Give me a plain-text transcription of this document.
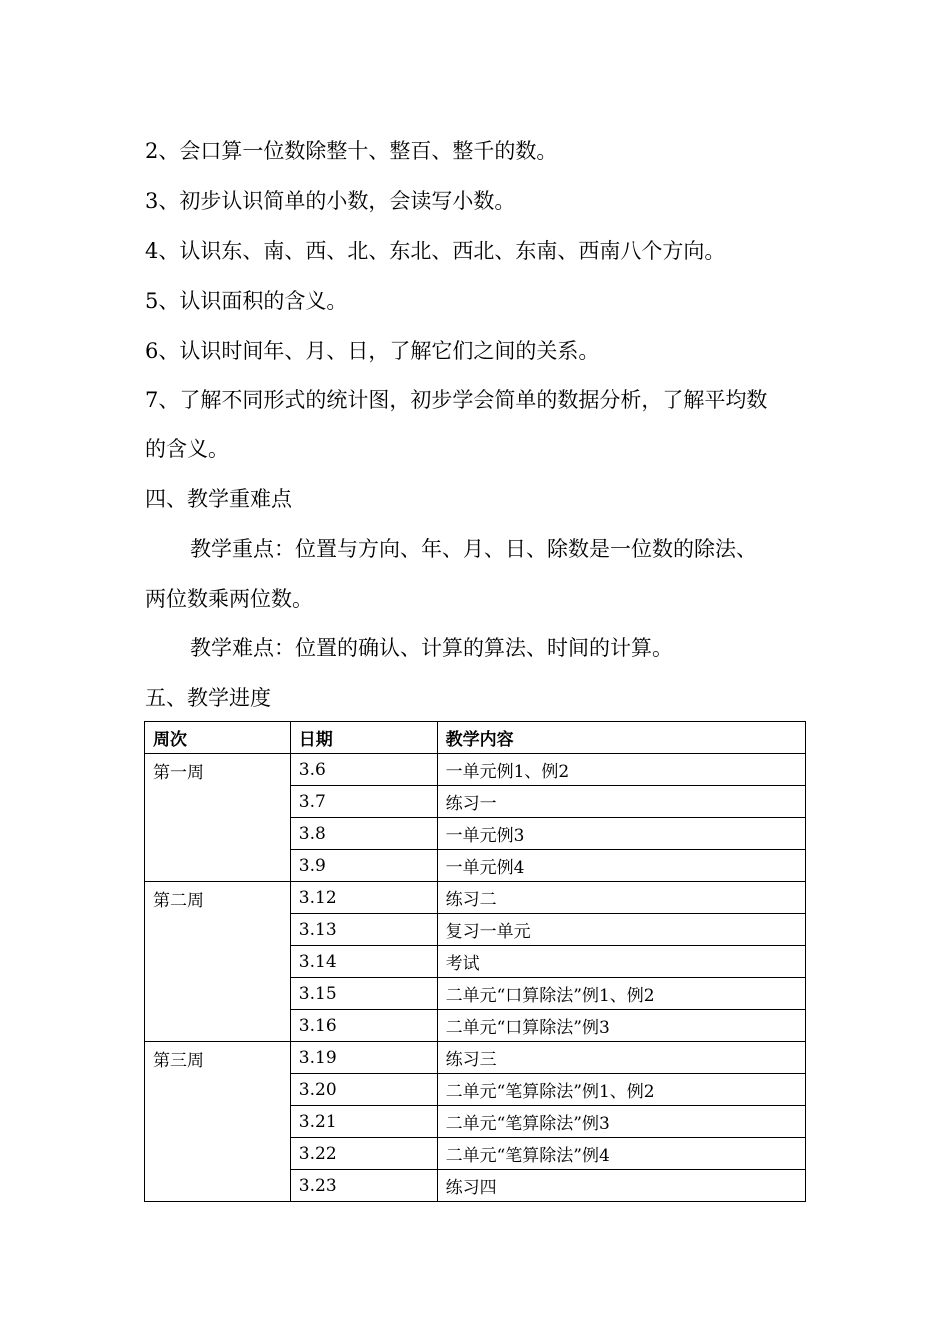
2、会口算一位数除整十、整百、整千的数。
3、初步认识简单的小数，会读写小数。
4、认识东、南、西、北、东北、西北、东南、西南八个方向。
5、认识面积的含义。
6、认识时间年、月、日，了解它们之间的关系。
7、了解不同形式的统计图，初步学会简单的数据分析，了解平均数
的含义。
四、教学重难点
教学重点：位置与方向、年、月、日、除数是一位数的除法、
两位数乘两位数。
教学难点：位置的确认、计算的算法、时间的计算。
五、教学进度
周次	日期	教学内容
第一周	3.6	一单元例1、例2
	3.7	练习一
	3.8	一单元例3
	3.9	一单元例4
第二周	3.12	练习二
	3.13	复习一单元
	3.14	考试
	3.15	二单元“口算除法”例1、例2
	3.16	二单元“口算除法”例3
第三周	3.19	练习三
	3.20	二单元“笔算除法”例1、例2
	3.21	二单元“笔算除法”例3
	3.22	二单元“笔算除法”例4
	3.23	练习四
